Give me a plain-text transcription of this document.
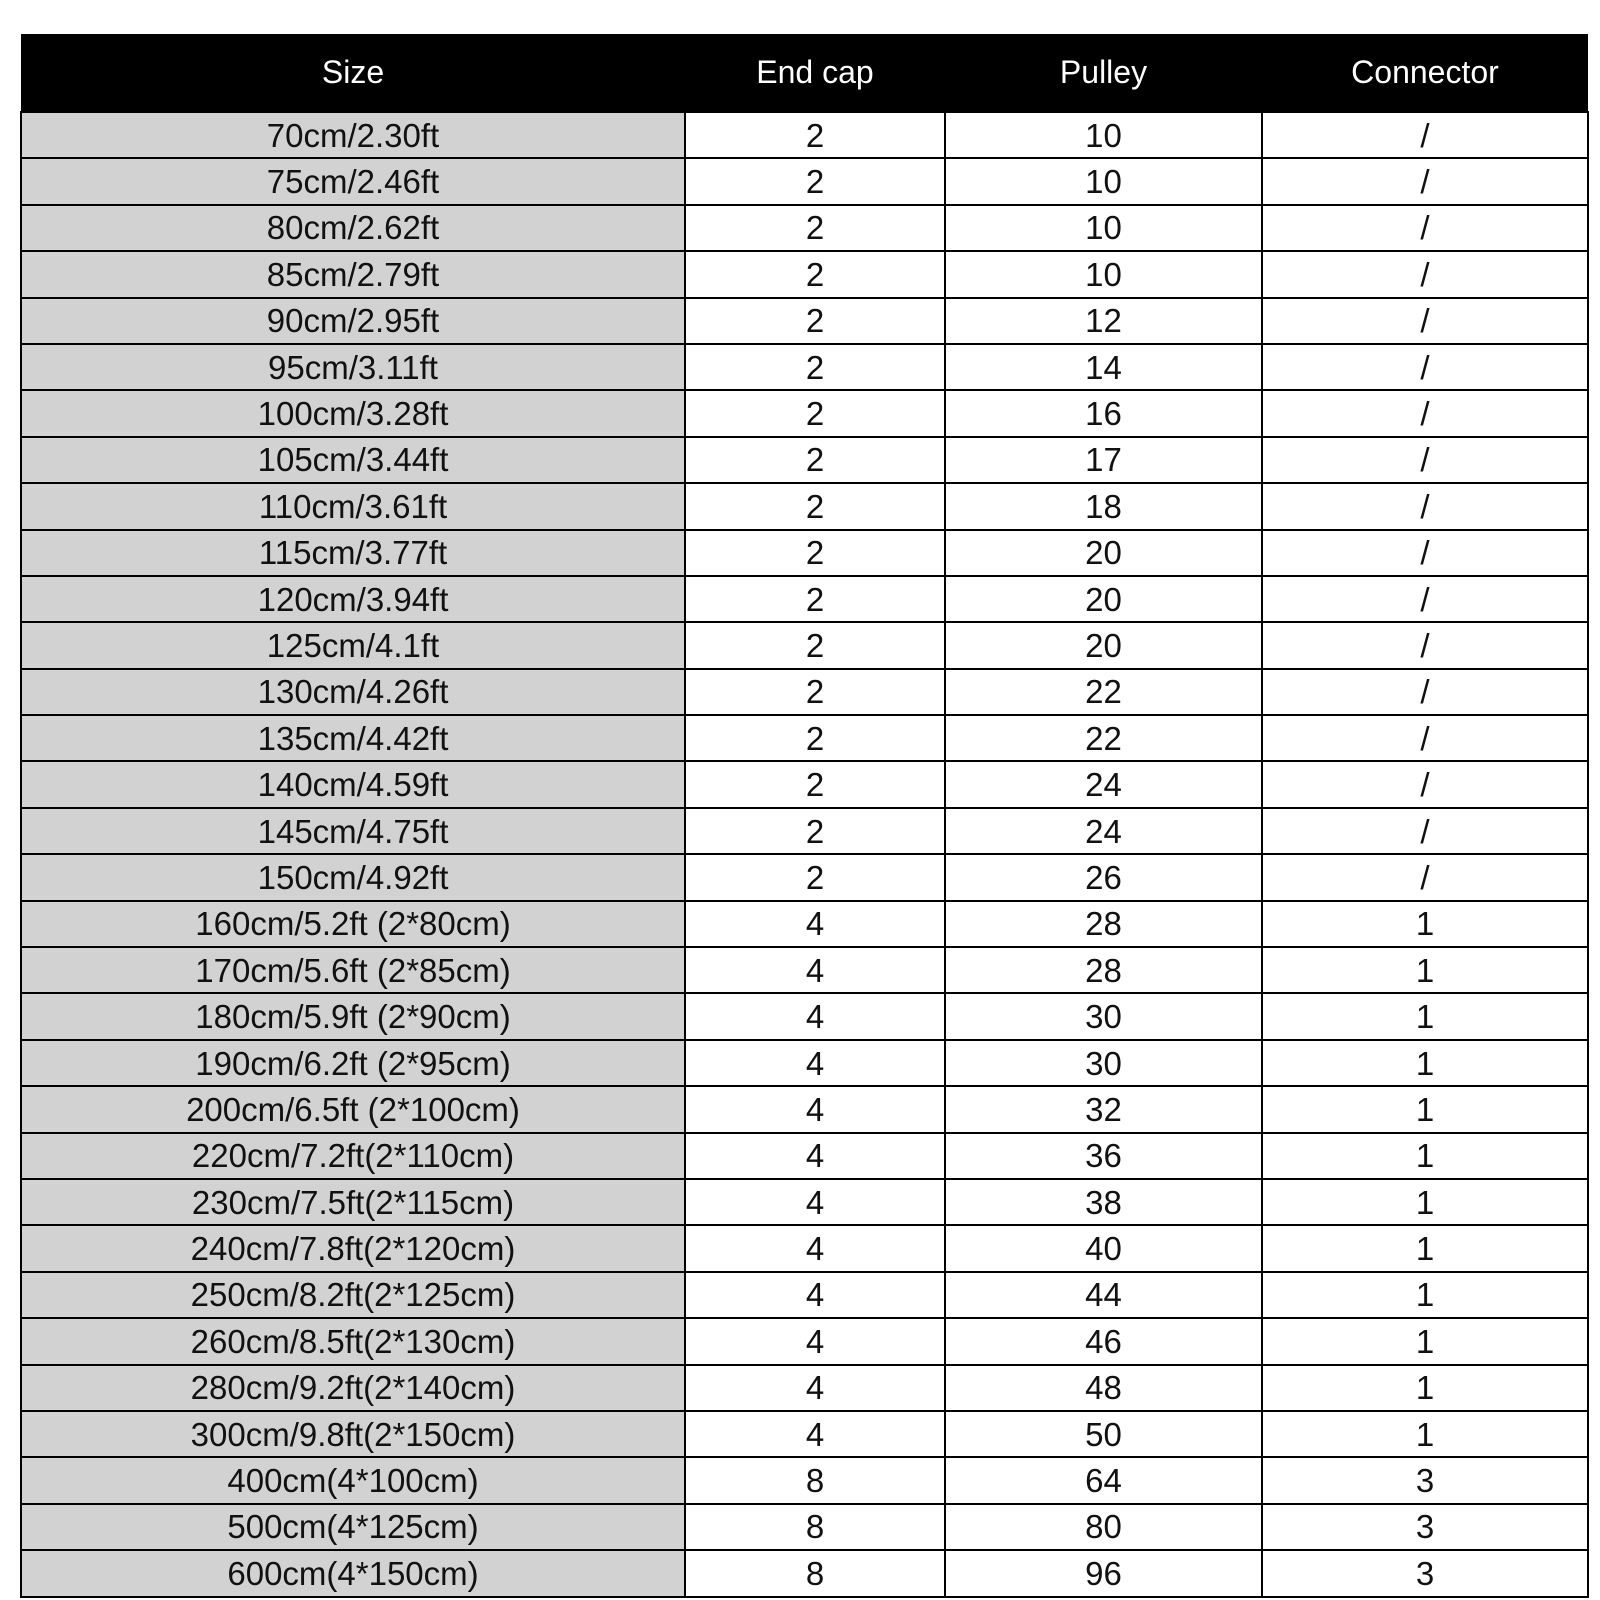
Size	End cap	Pulley	Connector
70cm/2.30ft	2	10	/
75cm/2.46ft	2	10	/
80cm/2.62ft	2	10	/
85cm/2.79ft	2	10	/
90cm/2.95ft	2	12	/
95cm/3.11ft	2	14	/
100cm/3.28ft	2	16	/
105cm/3.44ft	2	17	/
110cm/3.61ft	2	18	/
115cm/3.77ft	2	20	/
120cm/3.94ft	2	20	/
125cm/4.1ft	2	20	/
130cm/4.26ft	2	22	/
135cm/4.42ft	2	22	/
140cm/4.59ft	2	24	/
145cm/4.75ft	2	24	/
150cm/4.92ft	2	26	/
160cm/5.2ft (2*80cm)	4	28	1
170cm/5.6ft (2*85cm)	4	28	1
180cm/5.9ft (2*90cm)	4	30	1
190cm/6.2ft (2*95cm)	4	30	1
200cm/6.5ft (2*100cm)	4	32	1
220cm/7.2ft(2*110cm)	4	36	1
230cm/7.5ft(2*115cm)	4	38	1
240cm/7.8ft(2*120cm)	4	40	1
250cm/8.2ft(2*125cm)	4	44	1
260cm/8.5ft(2*130cm)	4	46	1
280cm/9.2ft(2*140cm)	4	48	1
300cm/9.8ft(2*150cm)	4	50	1
400cm(4*100cm)	8	64	3
500cm(4*125cm)	8	80	3
600cm(4*150cm)	8	96	3
